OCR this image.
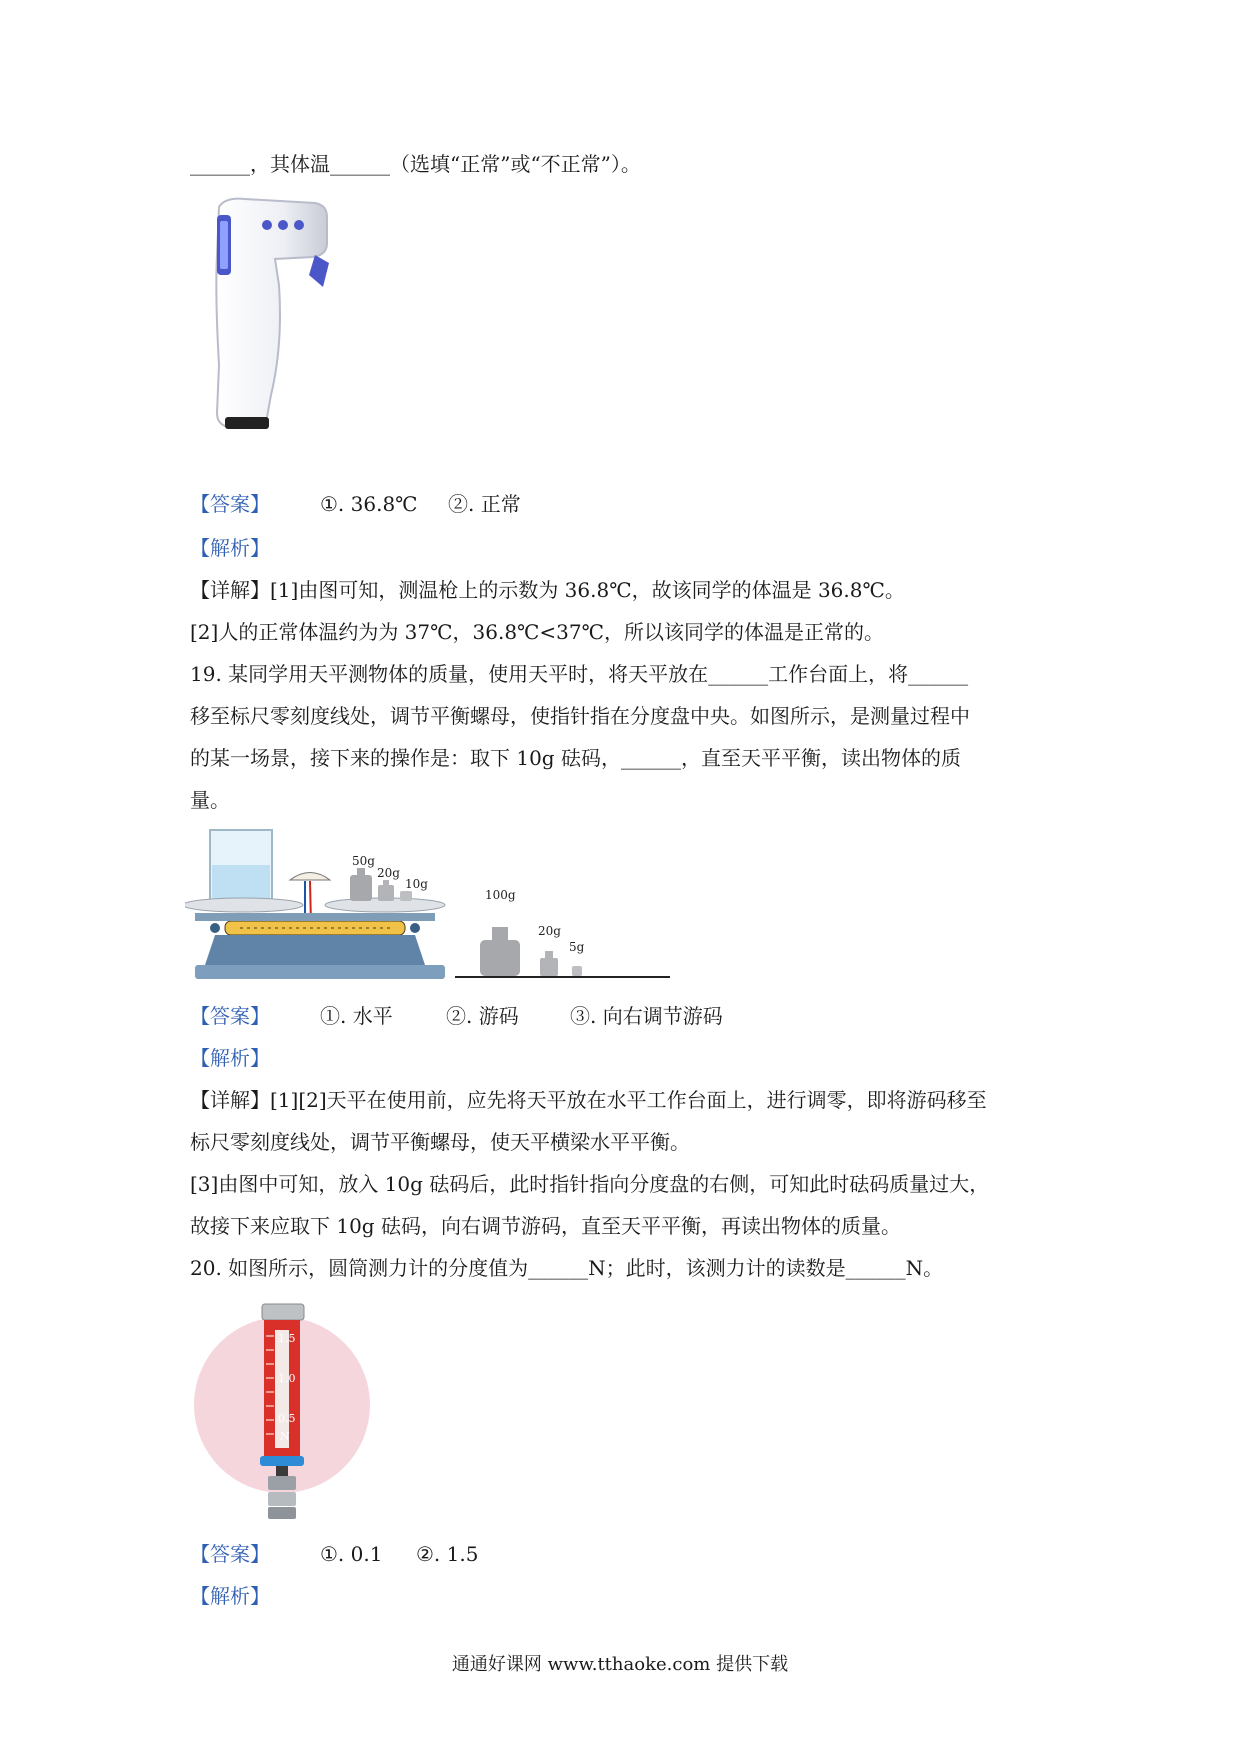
______，其体温______（选填“正常”或“不正常”）。
【答案】	①. 36.8℃ ②. 正常
【解析】
【详解】[1]由图可知，测温枪上的示数为 36.8℃，故该同学的体温是 36.8℃。
[2]人的正常体温约为为 37℃，36.8℃<37℃，所以该同学的体温是正常的。
19. 某同学用天平测物体的质量，使用天平时，将天平放在______工作台面上，将______
移至标尺零刻度线处，调节平衡螺母，使指针指在分度盘中央。如图所示，是测量过程中
的某一场景，接下来的操作是：取下 10g 砝码，______，直至天平平衡，读出物体的质
量。
50g
20g
10g
100g
20g
5g
【答案】	①. 水平	②. 游码	③. 向右调节游码
【解析】
【详解】[1][2]天平在使用前，应先将天平放在水平工作台面上，进行调零，即将游码移至
标尺零刻度线处，调节平衡螺母，使天平横梁水平平衡。
[3]由图中可知，放入 10g 砝码后，此时指针指向分度盘的右侧，可知此时砝码质量过大，
故接下来应取下 10g 砝码，向右调节游码，直至天平平衡，再读出物体的质量。
20. 如图所示，圆筒测力计的分度值为______N；此时，该测力计的读数是______N。
1.5
1.0
0.5
N
【答案】	①. 0.1 ②. 1.5
【解析】
通通好课网 www.tthaoke.com 提供下载
